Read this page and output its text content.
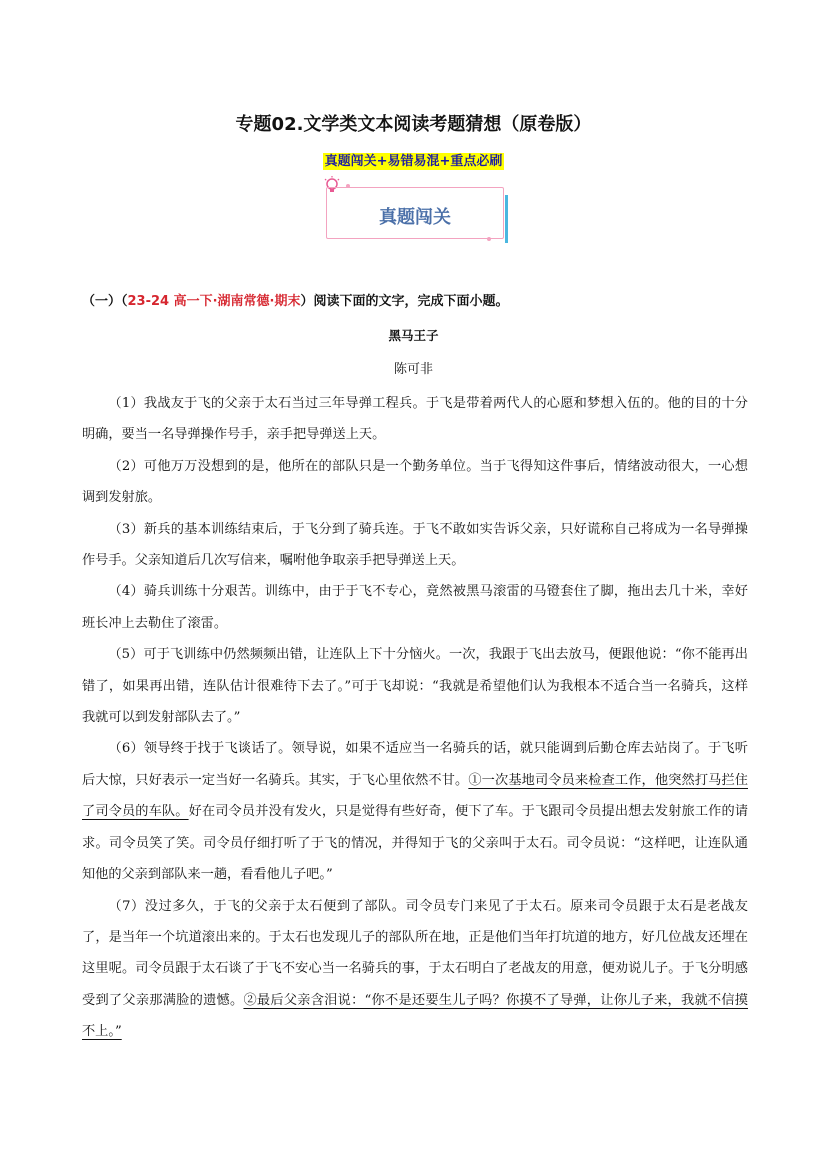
专题02.文学类文本阅读考题猜想（原卷版）
真题闯关+易错易混+重点必刷
真题闯关
（一）（23-24 高一下·湖南常德·期末）阅读下面的文字，完成下面小题。
黑马王子
陈可非

（1）我战友于飞的父亲于太石当过三年导弹工程兵。于飞是带着两代人的心愿和梦想入伍的。他的目的十分明确，要当一名导弹操作号手，亲手把导弹送上天。

（2）可他万万没想到的是，他所在的部队只是一个勤务单位。当于飞得知这件事后，情绪波动很大，一心想调到发射旅。

（3）新兵的基本训练结束后，于飞分到了骑兵连。于飞不敢如实告诉父亲，只好谎称自己将成为一名导弹操作号手。父亲知道后几次写信来，嘱咐他争取亲手把导弹送上天。

（4）骑兵训练十分艰苦。训练中，由于于飞不专心，竟然被黑马滚雷的马镫套住了脚，拖出去几十米，幸好班长冲上去勒住了滚雷。

（5）可于飞训练中仍然频频出错，让连队上下十分恼火。一次，我跟于飞出去放马，便跟他说：“你不能再出错了，如果再出错，连队估计很难待下去了。”可于飞却说：“我就是希望他们认为我根本不适合当一名骑兵，这样我就可以到发射部队去了。”

（6）领导终于找于飞谈话了。领导说，如果不适应当一名骑兵的话，就只能调到后勤仓库去站岗了。于飞听后大惊，只好表示一定当好一名骑兵。其实，于飞心里依然不甘。①一次基地司令员来检查工作，他突然打马拦住了司令员的车队。好在司令员并没有发火，只是觉得有些好奇，便下了车。于飞跟司令员提出想去发射旅工作的请求。司令员笑了笑。司令员仔细打听了于飞的情况，并得知于飞的父亲叫于太石。司令员说：“这样吧，让连队通知他的父亲到部队来一趟，看看他儿子吧。”

（7）没过多久，于飞的父亲于太石便到了部队。司令员专门来见了于太石。原来司令员跟于太石是老战友了，是当年一个坑道滚出来的。于太石也发现儿子的部队所在地，正是他们当年打坑道的地方，好几位战友还埋在这里呢。司令员跟于太石谈了于飞不安心当一名骑兵的事，于太石明白了老战友的用意，便劝说儿子。于飞分明感受到了父亲那满脸的遗憾。②最后父亲含泪说：“你不是还要生儿子吗？你摸不了导弹，让你儿子来，我就不信摸不上。”
